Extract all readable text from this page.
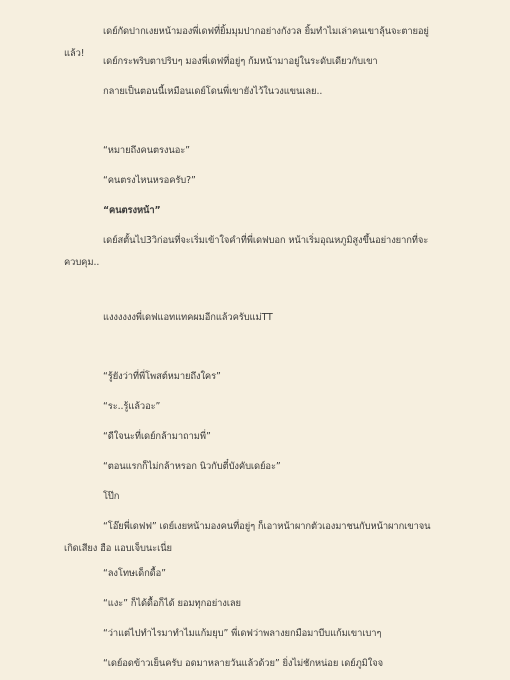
เดย์กัดปากเงยหน้ามองพี่เดฟที่ยิ้มมุมปากอย่างกังวล ยิ้มทำไมเล่าคนเขาลุ้นจะตายอยู่แล้ว!

เดย์กระพริบตาปริบๆ มองพี่เดฟที่อยู่ๆ ก้มหน้ามาอยู่ในระดับเดียวกับเขา

กลายเป็นตอนนี้เหมือนเดย์โดนพี่เขายังไว้ในวงแขนเลย..

“หมายถึงคนตรงนอะ”

“คนตรงไหนหรอครับ?”

“คนตรงหน้า”

เดย์สตั้นไป3วิก่อนที่จะเริ่มเข้าใจคำที่พี่เดฟบอก หน้าเริ่มอุณหภูมิสูงขึ้นอย่างยากที่จะควบคุม..

แงงงงงงพี่เดฟแอทแทคผมอีกแล้วครับแม่TT

“รู้ยังว่าที่พี่โพสต์หมายถึงใคร”

“ระ..รู้แล้วอะ”

“ดีใจนะที่เดย์กล้ามาถามพี่”

“ตอนแรกก็ไม่กล้าหรอก นิวกับตี๋บังคับเดย์อะ”

โป๊ก

“โอ๊ยพี่เดฟฟ” เดย์เงยหน้ามองคนที่อยู่ๆ ก็เอาหน้าผากตัวเองมาชนกับหน้าผากเขาจนเกิดเสียง ฮือ แอบเจ็บนะเนี่ย

“ลงโทษเด็กดื้อ”

“แงะ” ก็ได้ดื้อก็ได้ ยอมทุกอย่างเลย

“ว่าแต่ไปทำไรมาทำไมแก้มยุบ” พี่เดฟว่าพลางยกมือมาบีบแก้มเขาเบาๆ

“เดย์อดข้าวเย็นครับ อดมาหลายวันแล้วด้วย” ยิ่งไม่ชักหน่อย เดย์ภูมิใจจ
